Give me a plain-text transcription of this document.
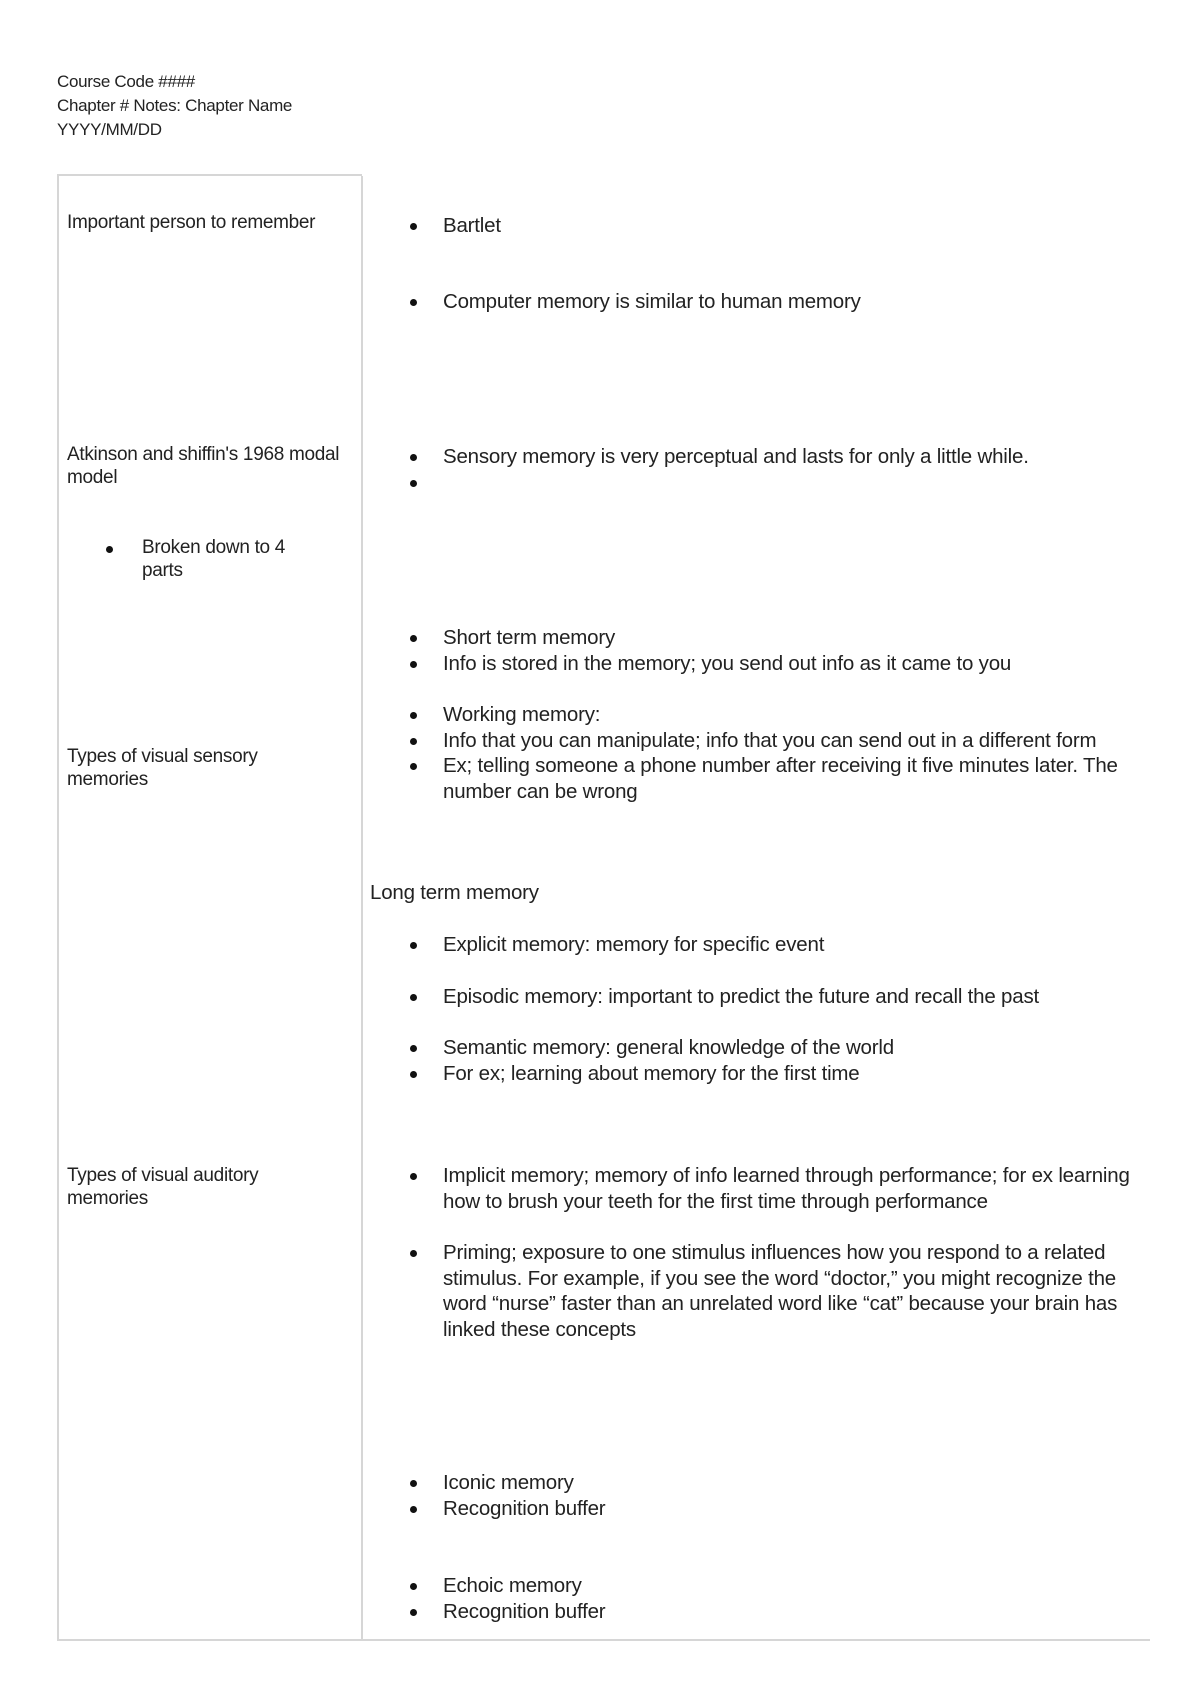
Course Code ####
Chapter # Notes: Chapter Name
YYYY/MM/DD
Important person to remember
Atkinson and shiffin's 1968 modal model
Broken down to 4 parts
Types of visual sensory memories
Types of visual auditory memories
Bartlet
Computer memory is similar to human memory
Sensory memory is very perceptual and lasts for only a little while.
Short term memory
Info is stored in the memory; you send out info as it came to you
Working memory:
Info that you can manipulate; info that you can send out in a different form
Ex; telling someone a phone number after receiving it five minutes later. The number can be wrong
Long term memory
Explicit memory: memory for specific event
Episodic memory: important to predict the future and recall the past
Semantic memory: general knowledge of the world
For ex; learning about memory for the first time
Implicit memory; memory of info learned through performance; for ex learning how to brush your teeth for the first time through performance
Priming; exposure to one stimulus influences how you respond to a related stimulus. For example, if you see the word “doctor,” you might recognize the word “nurse” faster than an unrelated word like “cat” because your brain has linked these concepts
Iconic memory
Recognition buffer
Echoic memory
Recognition buffer
